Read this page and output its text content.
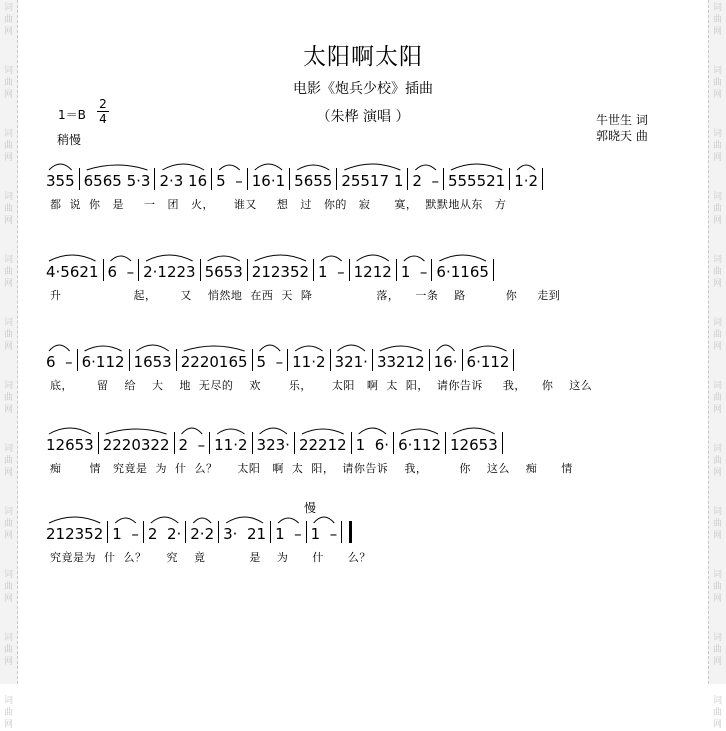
词
曲
网
词
曲
网
词
曲
网
词
曲
网
词
曲
网
词
曲
网
词
曲
网
词
曲
网
词
曲
网
词
曲
网
词
曲
网
词
曲
网
词
曲
网
词
曲
网
词
曲
网
词
曲
网
词
曲
网
词
曲
网
词
曲
网
词
曲
网
词
曲
网
词
曲
网
词
曲
网
词
曲
网
太阳啊太阳
电影《炮兵少校》插曲
（朱桦 演唱 ）
1＝B
2
4
稍慢
牛世生 词
郭晓天 曲
355 6565 5·3 2·3 16 5  – 16·1 5655 25517 1 2  – 555521 1·2
都  说  你   是     一   团   火，     谁又     想   过   你的   寂      寞，  默默地从东   方
4·5621 6  – 2·1223 5653 212352 1  – 1212 1  – 6·1165
升                  起，      又    悄然地  在西  天  降                落，    一条    路          你     走到
6  – 6·112 1653 2220165 5  – 11·2 321· 33212 16· 6·112
底，      留    给    大    地  无尽的    欢       乐，     太阳   啊  太  阳，  请你告诉     我，    你    这么
12653 2220322 2  – 11·2 323· 22212 1  6· 6·112 12653
痴       情   究竟是  为  什  么？     太阳   啊  太  阳，  请你告诉    我，        你    这么    痴      情
212352 1  – 2  2· 2·2 3·  21 1  – 1  –
究竟是为  什  么？     究    竟           是    为      什      么？
慢
